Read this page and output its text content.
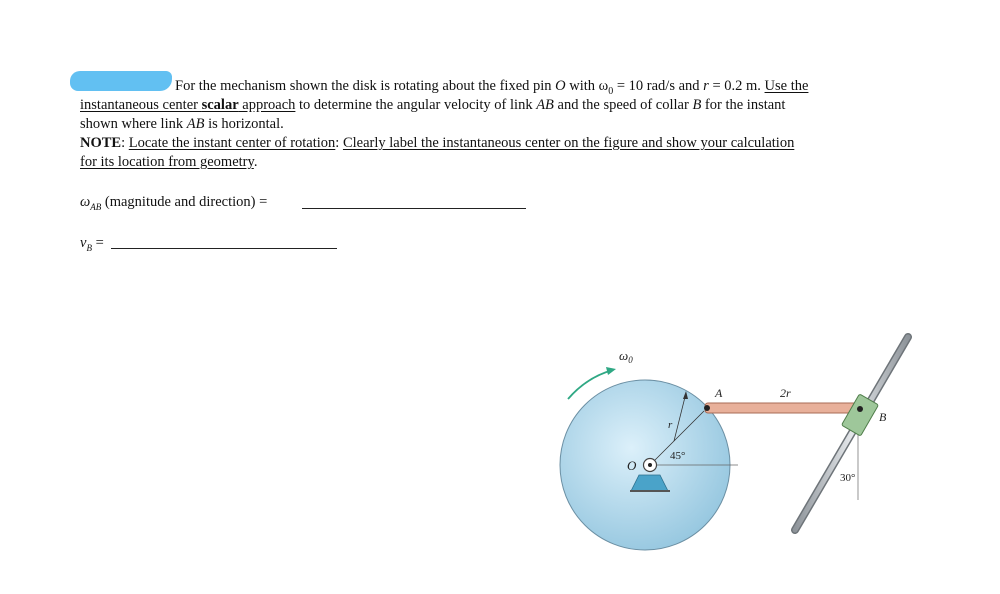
For the mechanism shown the disk is rotating about the fixed pin O with $\omega_0 = 10$ rad/s and r = 0.2 m. Use the
instantaneous center scalar approach to determine the angular velocity of link AB and the speed of collar B for the instant
shown where link AB is horizontal.
NOTE: Locate the instant center of rotation: Clearly label the instantaneous center on the figure and show your calculation
for its location from geometry.
$\omega_{AB}$ (magnitude and direction) =
$v_B$ =
$\omega_0$
r
45°
O
30°
A	2r
B
